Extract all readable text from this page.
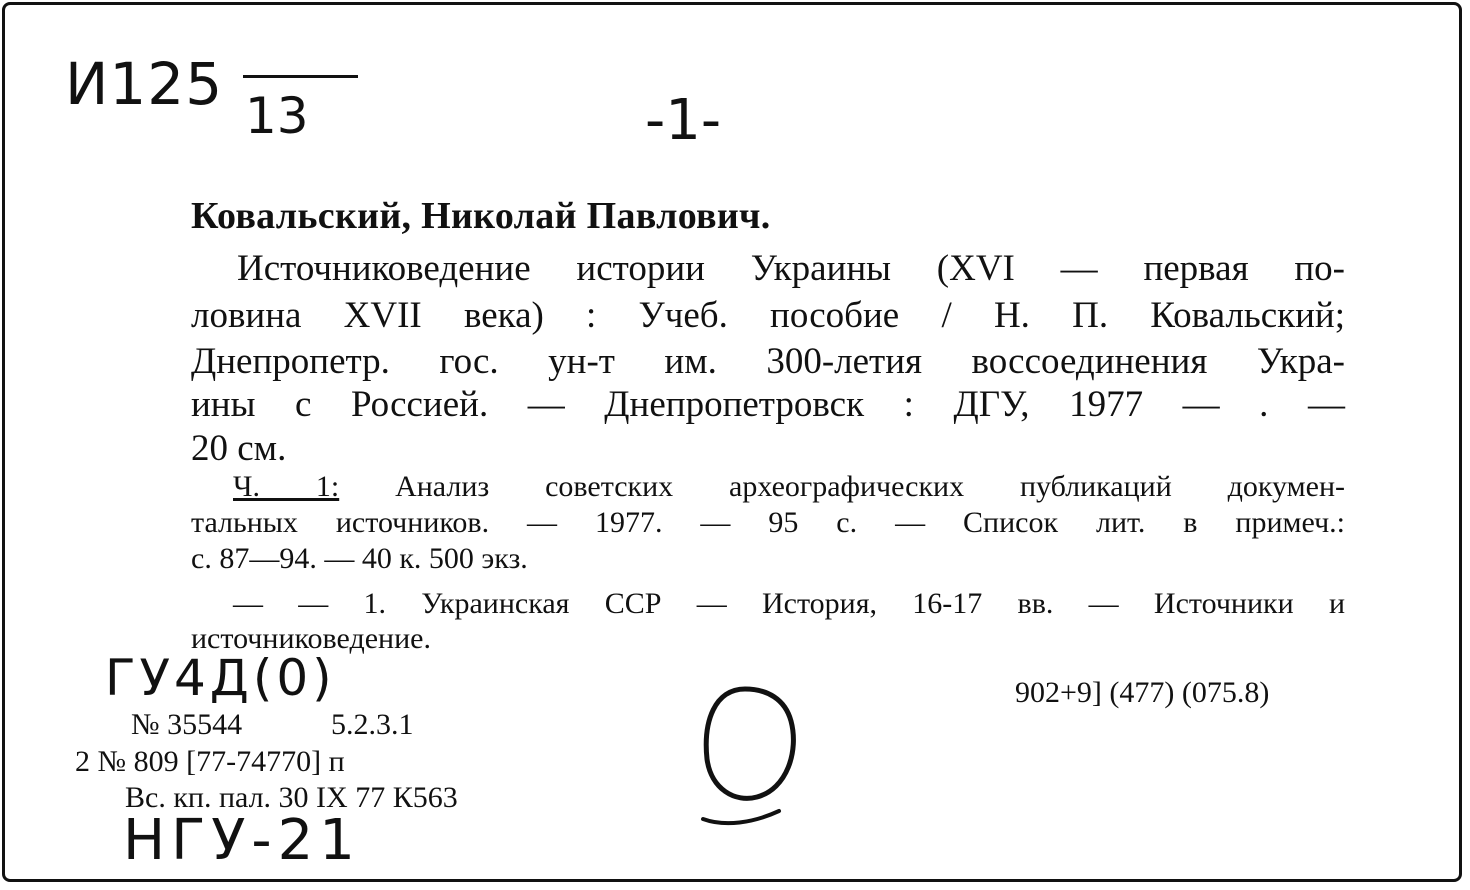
И125 13	-1-

Ковальский, Николай Павлович.

Источниковедение истории Украины (XVI — первая по-

ловина XVII века) : Учеб. пособие / Н. П. Ковальский;

Днепропетр. гос. ун-т им. 300-летия воссоединения Укра-

ины с Россией. — Днепропетровск : ДГУ, 1977 — . —

20 см.

Ч. 1: Анализ советских археографических публикаций докумен-

тальных источников. — 1977. — 95 с. — Список лит. в примеч.:

с. 87—94. — 40 к. 500 экз.

— — 1. Украинская ССР — История, 16-17 вв. — Источники и

источниковедение.

ГУ4Д(0)	902+9] (477) (075.8)
№ 35544	5.2.3.1
2 № 809 [77-74770] п
Вс. кп. пал. 30 IX 77 К563
НГУ-21
